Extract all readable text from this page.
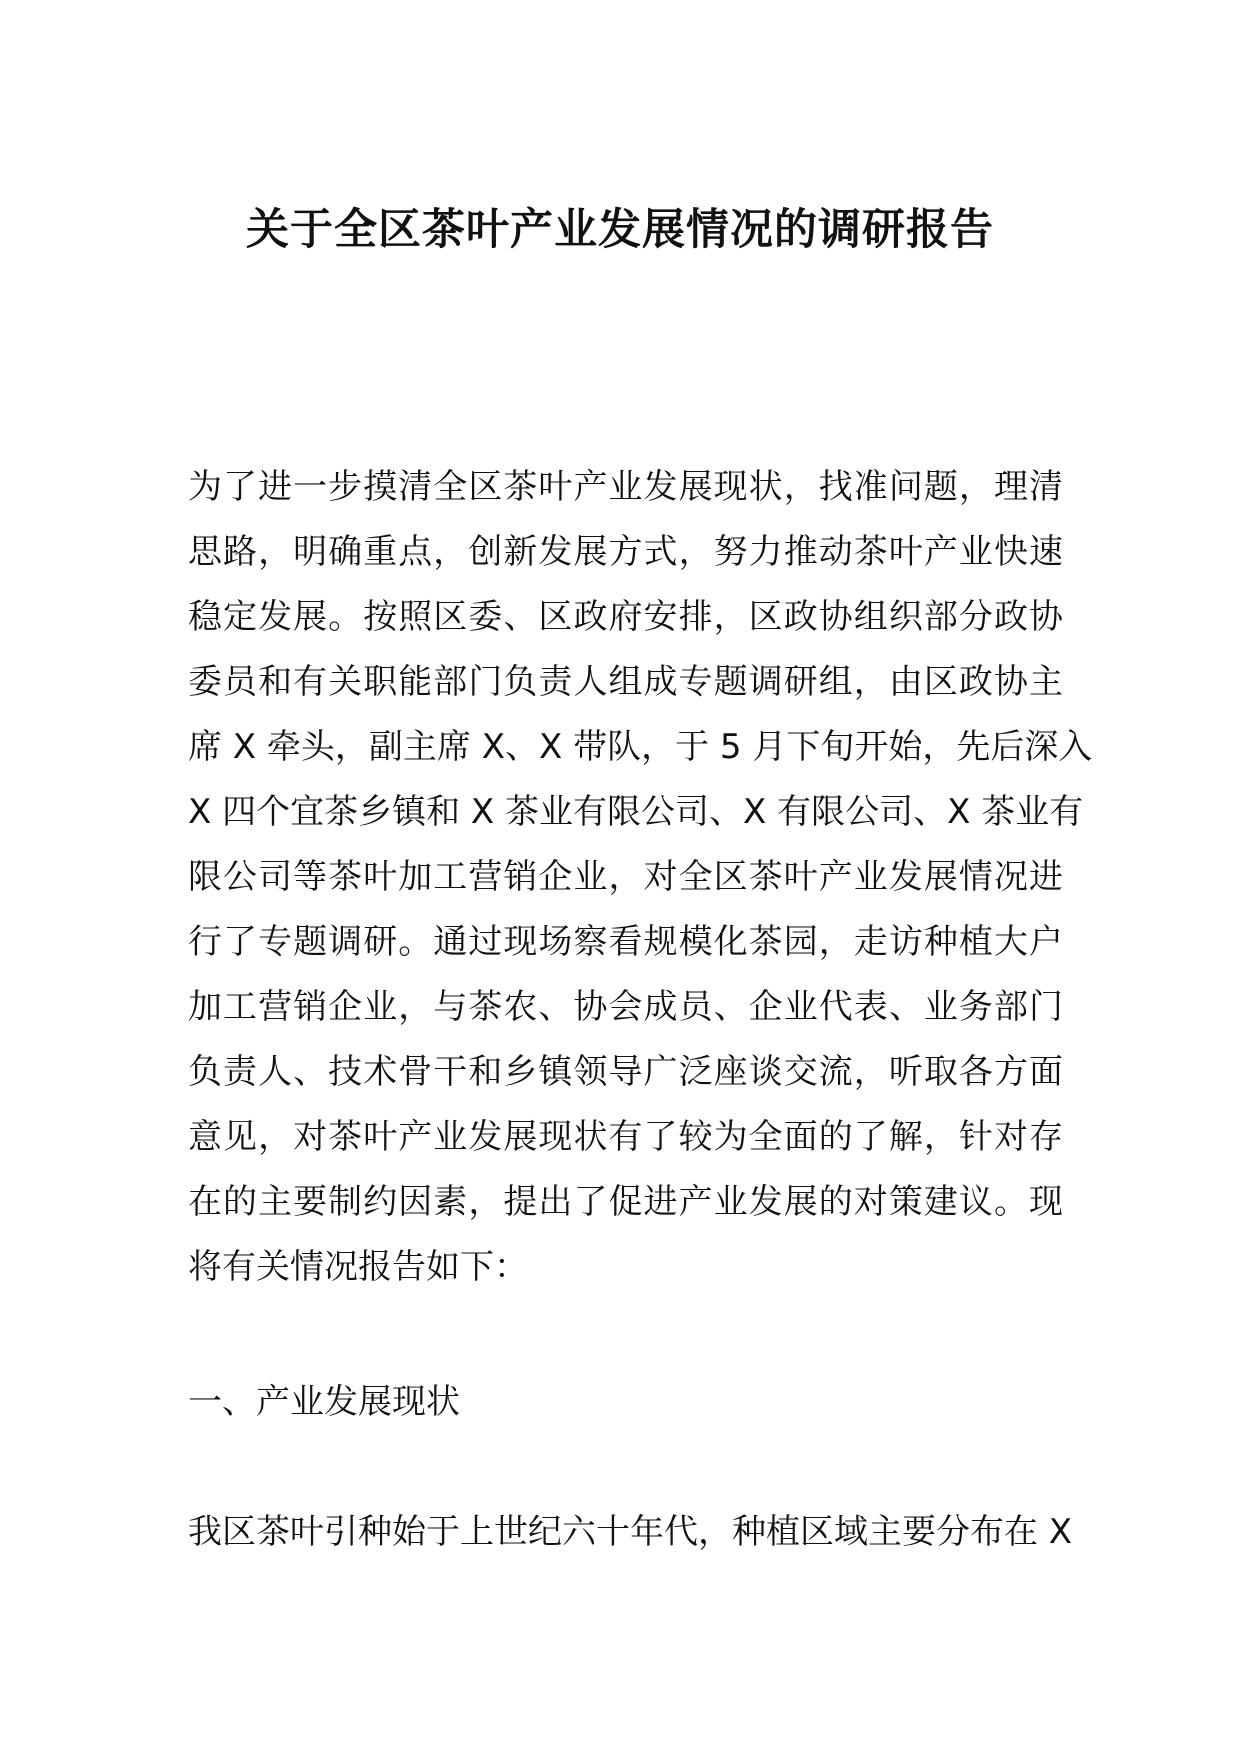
关于全区茶叶产业发展情况的调研报告

为了进一步摸清全区茶叶产业发展现状，找准问题，理清
思路，明确重点，创新发展方式，努力推动茶叶产业快速
稳定发展。按照区委、区政府安排，区政协组织部分政协
委员和有关职能部门负责人组成专题调研组，由区政协主
席 X 牵头，副主席 X、X 带队，于 5 月下旬开始，先后深入
X 四个宜茶乡镇和 X 茶业有限公司、X 有限公司、X 茶业有
限公司等茶叶加工营销企业，对全区茶叶产业发展情况进
行了专题调研。通过现场察看规模化茶园，走访种植大户
加工营销企业，与茶农、协会成员、企业代表、业务部门
负责人、技术骨干和乡镇领导广泛座谈交流，听取各方面
意见，对茶叶产业发展现状有了较为全面的了解，针对存
在的主要制约因素，提出了促进产业发展的对策建议。现
将有关情况报告如下：

一、产业发展现状

我区茶叶引种始于上世纪六十年代，种植区域主要分布在 X
